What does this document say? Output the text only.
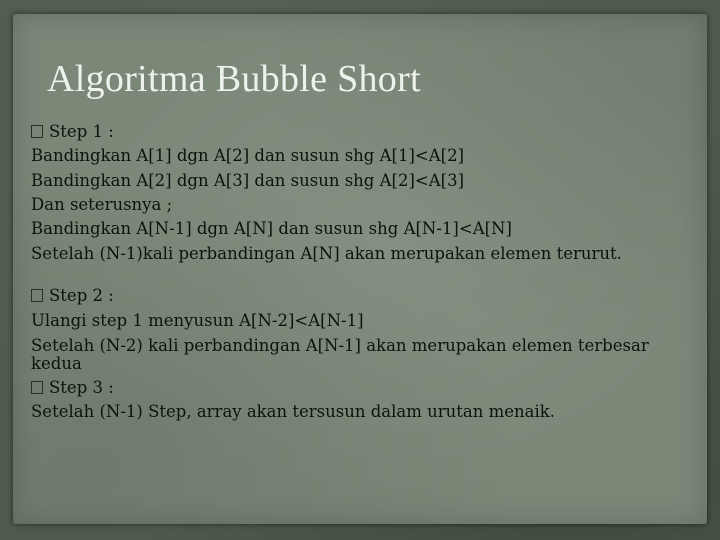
Algoritma Bubble Short
Step 1 :
Bandingkan A[1] dgn A[2] dan susun shg A[1]<A[2]
Bandingkan A[2] dgn A[3] dan susun shg A[2]<A[3]
Dan seterusnya ;
Bandingkan A[N-1] dgn A[N] dan susun shg A[N-1]<A[N]
Setelah (N-1)kali perbandingan A[N] akan merupakan elemen terurut.
Step 2 :
Ulangi step 1 menyusun A[N-2]<A[N-1]
Setelah (N-2) kali perbandingan A[N-1] akan merupakan elemen terbesar kedua
Step 3 :
Setelah (N-1) Step, array akan tersusun dalam urutan menaik.
